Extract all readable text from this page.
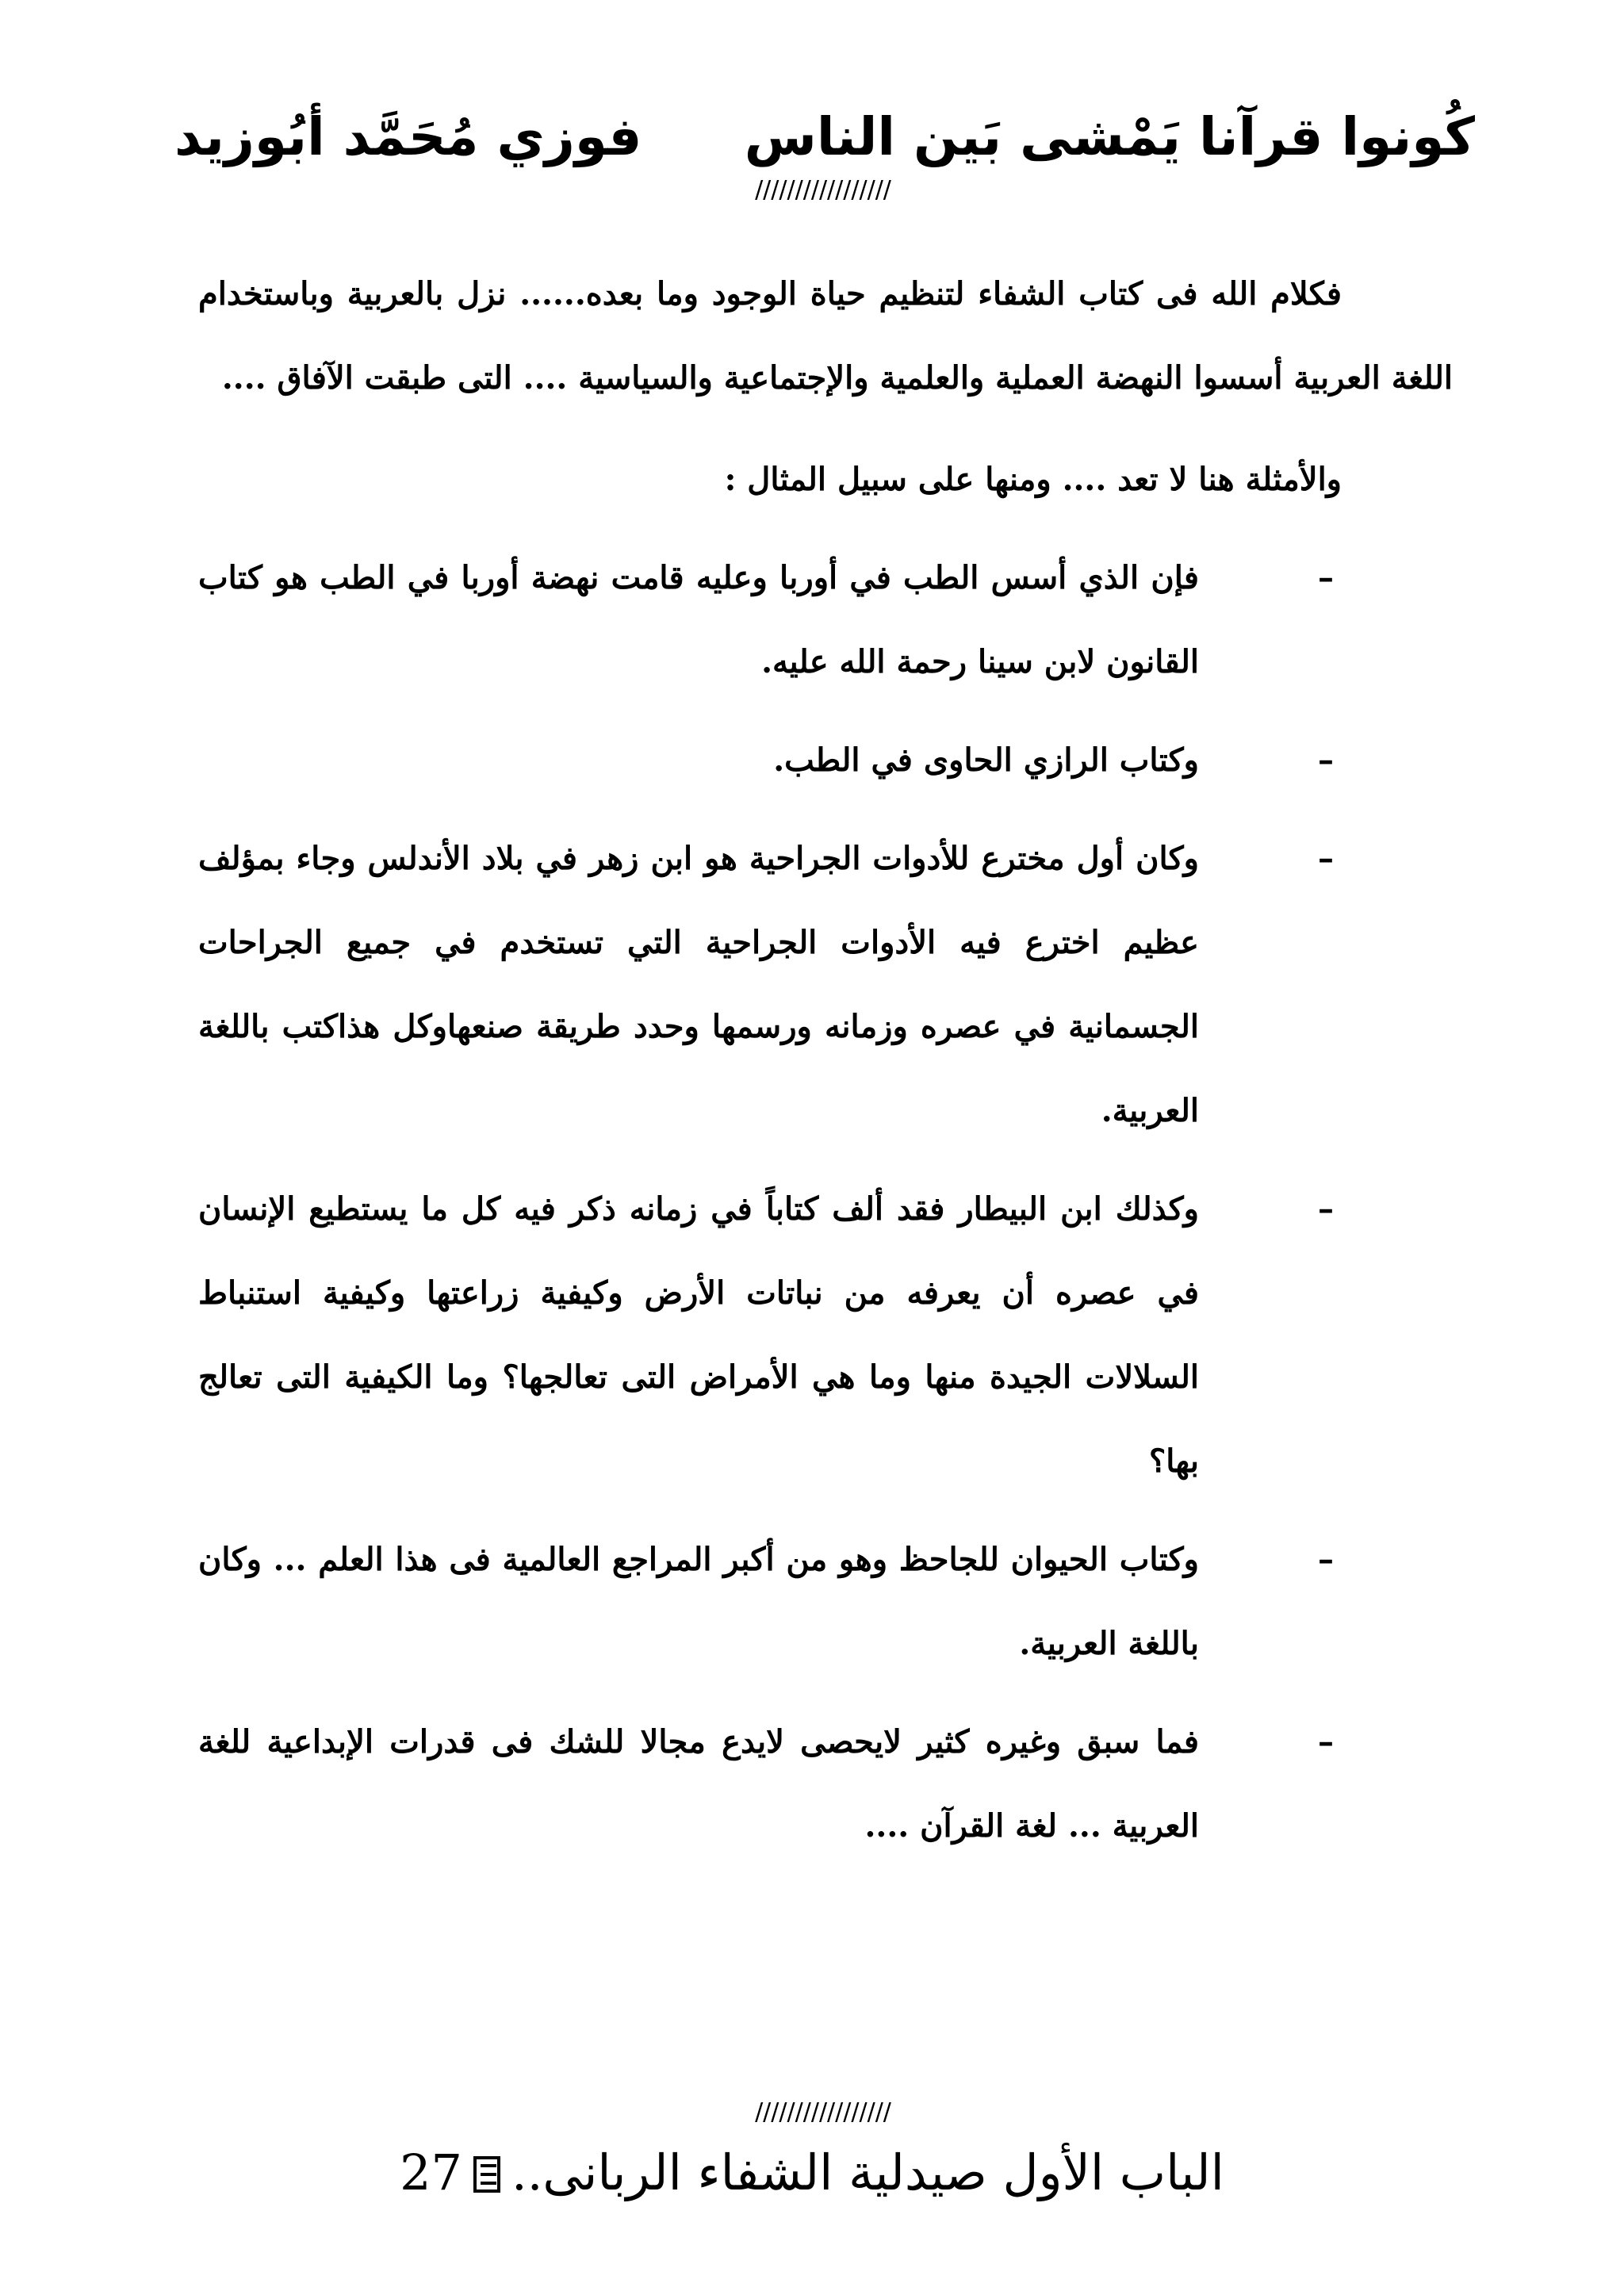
كُونوا قرآنا يَمْشى بَين الناس
فوزي مُحَمَّد أبُوزيد
/////////////////

فكلام الله فى كتاب الشفاء لتنظيم حياة الوجود وما بعده...... نزل بالعربية وباستخدام اللغة العربية أسسوا النهضة العملية والعلمية والإجتماعية والسياسية .... التى طبقت الآفاق ....

والأمثلة هنا لا تعد .... ومنها على سبيل المثال :
–
فإن الذي أسس الطب في أوربا وعليه قامت نهضة أوربا في الطب هو كتاب القانون لابن سينا رحمة الله عليه.
–
وكتاب الرازي الحاوى في الطب.
–
وكان أول مخترع للأدوات الجراحية هو ابن زهر في بلاد الأندلس وجاء بمؤلف عظيم اخترع فيه الأدوات الجراحية التي تستخدم في جميع الجراحات الجسمانية في عصره وزمانه ورسمها وحدد طريقة صنعهاوكل هذاكتب باللغة العربية.
–
وكذلك ابن البيطار فقد ألف كتاباً في زمانه ذكر فيه كل ما يستطيع الإنسان في عصره أن يعرفه من نباتات الأرض وكيفية زراعتها وكيفية استنباط السلالات الجيدة منها وما هي الأمراض التى تعالجها؟ وما الكيفية التى تعالج بها؟
–
وكتاب الحيوان للجاحظ وهو من أكبر المراجع العالمية فى هذا العلم ... وكان باللغة العربية.
–
فما سبق وغيره كثير لايحصى لايدع مجالا للشك فى قدرات الإبداعية للغة العربية ... لغة القرآن ....
/////////////////
الباب الأول صيدلية الشفاء الربانى..27
